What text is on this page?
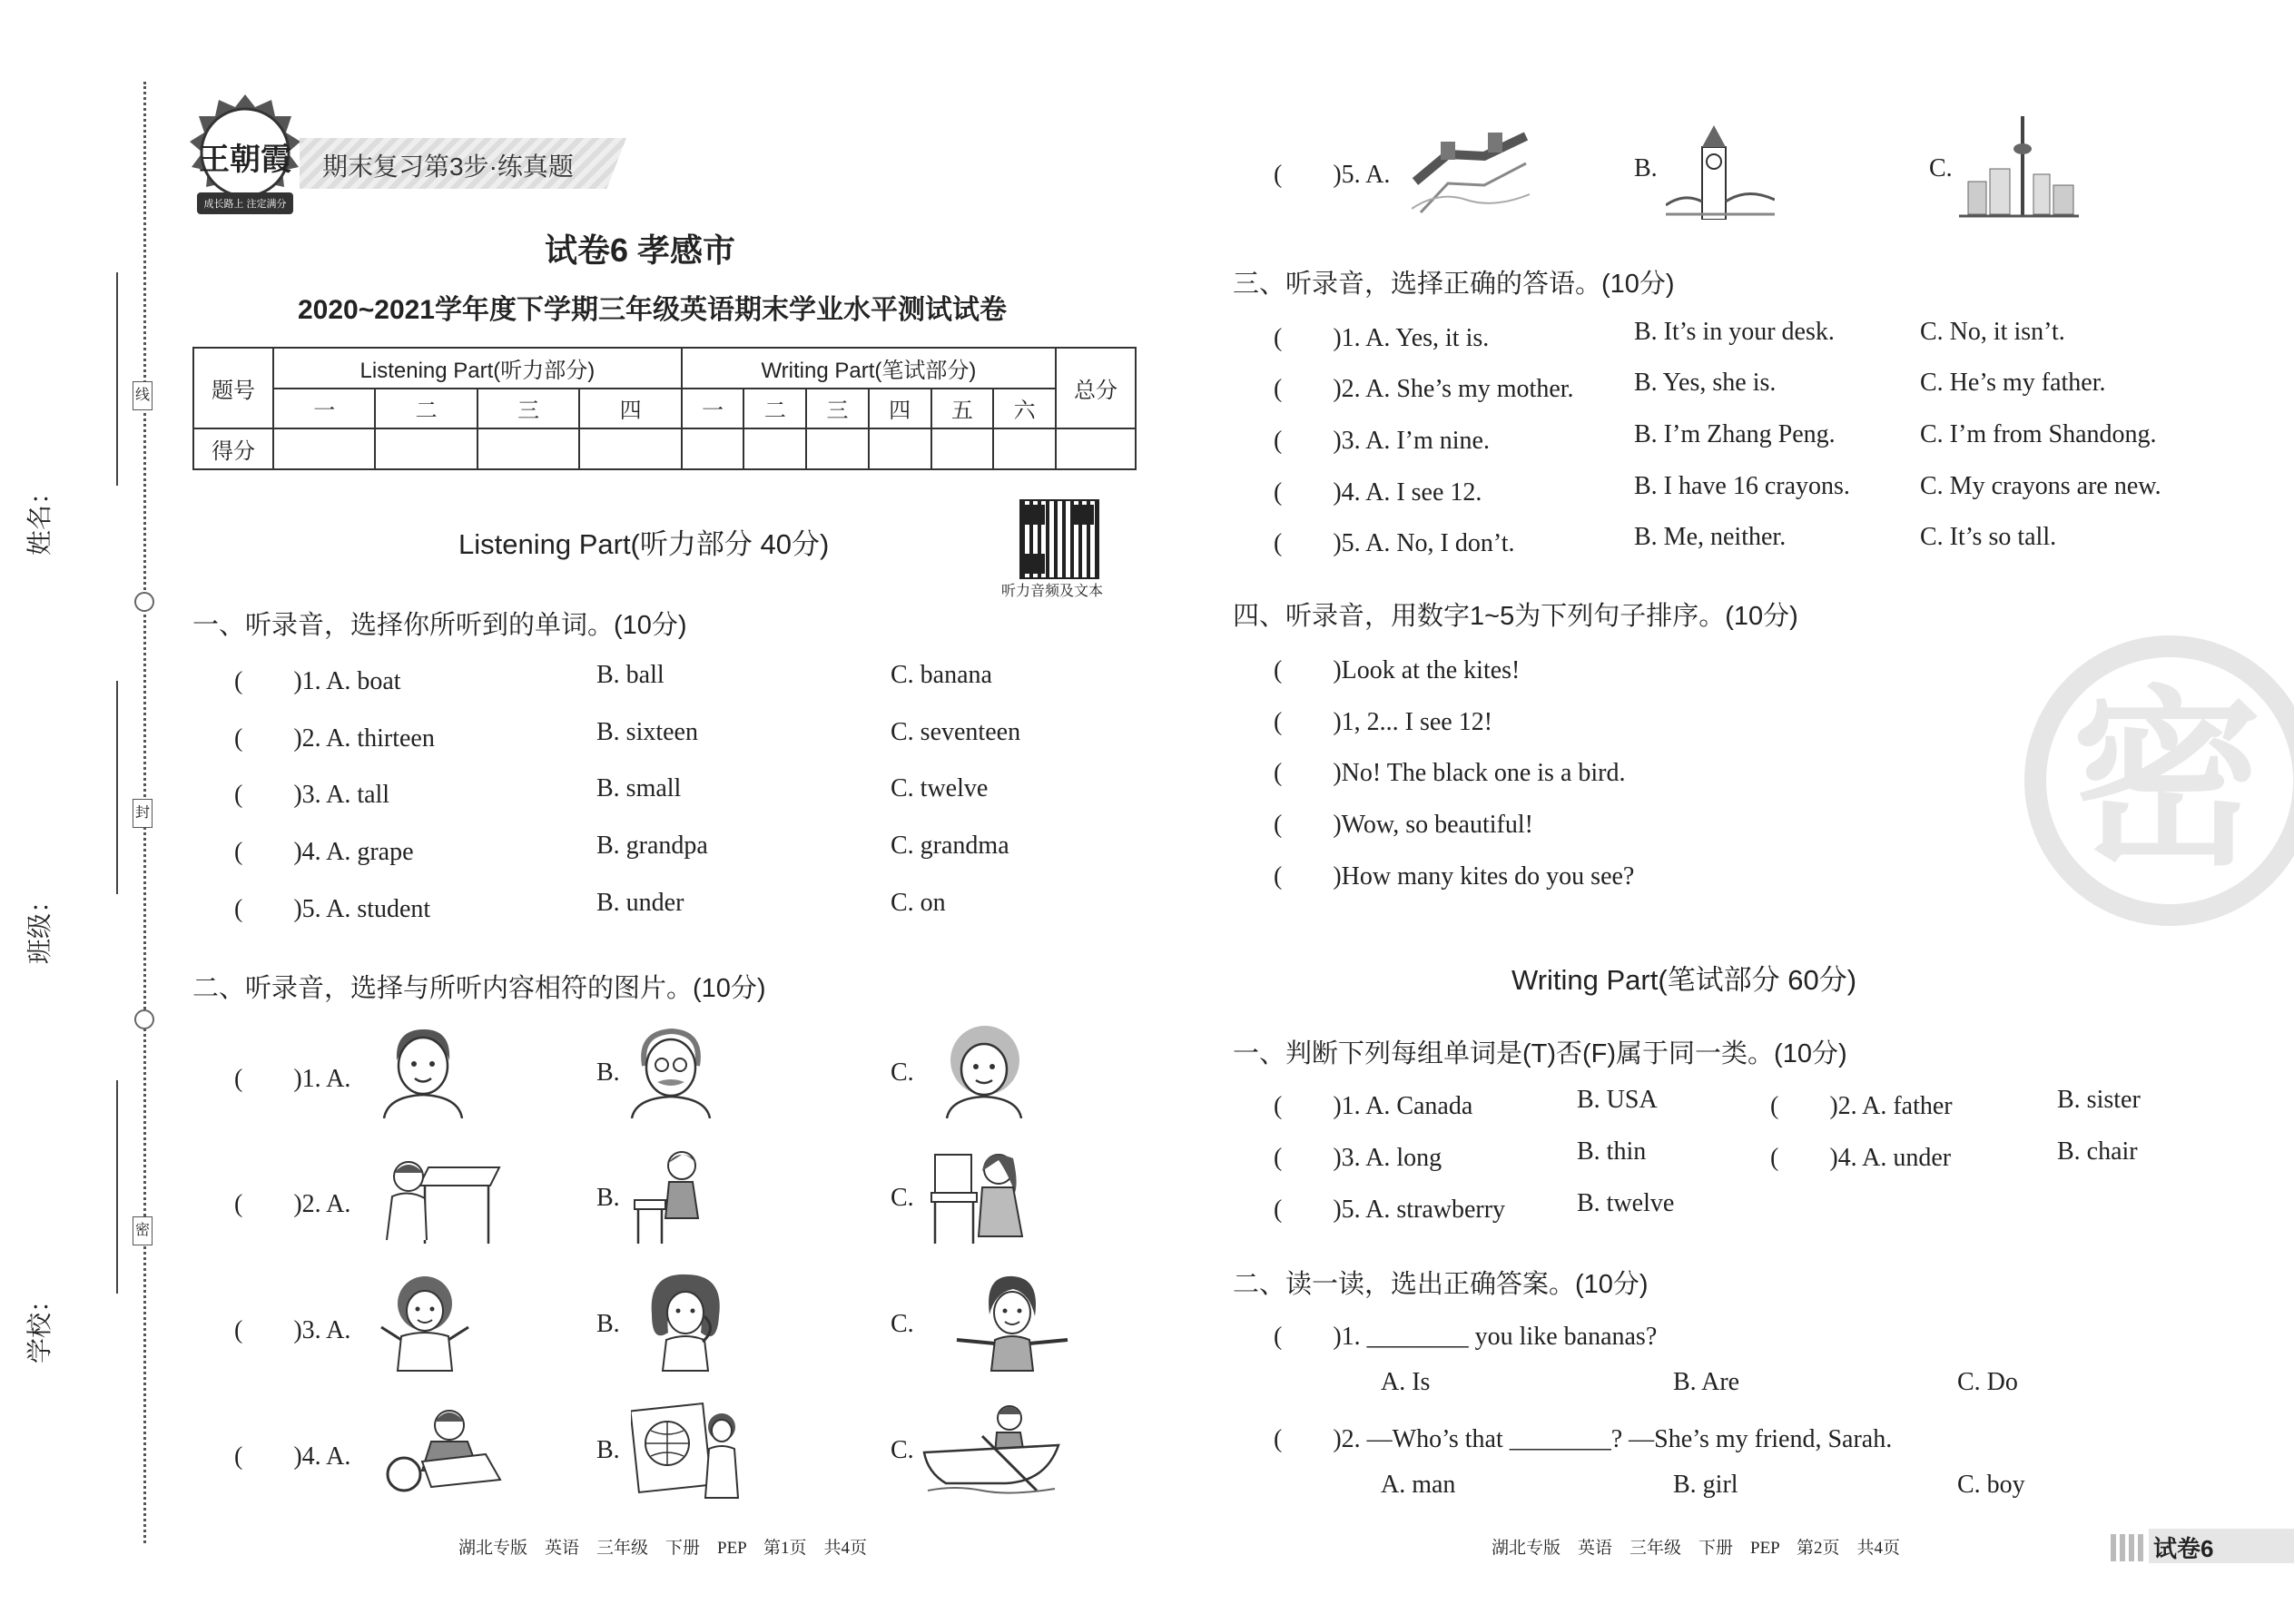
线
封
密
姓名：
班级：
学校：
王朝霞
成长路上 注定满分
期末复习第3步·练真题
试卷6 孝感市
2020~2021学年度下学期三年级英语期末学业水平测试试卷
题号	Listening Part(听力部分)				Writing Part(笔试部分)						总分
	一	二	三	四	一	二	三	四	五	六	
得分											
Listening Part(听力部分 40分)
听力音频及文本
一、听录音，选择你所听到的单词。(10分)
(　　)1. A. boat	B. ball	C. banana
(　　)2. A. thirteen	B. sixteen	C. seventeen
(　　)3. A. tall	B. small	C. twelve
(　　)4. A. grape	B. grandpa	C. grandma
(　　)5. A. student	B. under	C. on
二、听录音，选择与所听内容相符的图片。(10分)
(　　)1. A.	B.	C.
(　　)2. A.	B.	C.
(　　)3. A.	B.	C.
(　　)4. A.	B.	C.
(　　)5. A.	B.	C.
三、听录音，选择正确的答语。(10分)
(　　)1. A. Yes, it is.	B. It’s in your desk.	C. No, it isn’t.
(　　)2. A. She’s my mother. B. Yes, she is.	C. He’s my father.
(　　)3. A. I’m nine.	B. I’m Zhang Peng.	C. I’m from Shandong.
(　　)4. A. I see 12.	B. I have 16 crayons.	C. My crayons are new.
(　　)5. A. No, I don’t.	B. Me, neither.	C. It’s so tall.
四、听录音，用数字1~5为下列句子排序。(10分)
(　　)Look at the kites!
(　　)1, 2... I see 12!
(　　)No! The black one is a bird.
(　　)Wow, so beautiful!
(　　)How many kites do you see? 密
Writing Part(笔试部分 60分)
一、判断下列每组单词是(T)否(F)属于同一类。(10分)
(　　)1. A. Canada	B. USA	(　　)2. A. father	B. sister
(　　)3. A. long	B. thin	(　　)4. A. under	B. chair
(　　)5. A. strawberry	B. twelve
二、读一读，选出正确答案。(10分)
(　　)1. ________ you like bananas?
A. Is	B. Are	C. Do
(　　)2. —Who’s that ________? —She’s my friend, Sarah.
A. man	B. girl	C. boy
湖北专版　英语　三年级　下册　PEP　第1页　共4页	湖北专版　英语　三年级　下册　PEP　第2页　共4页	试卷6
